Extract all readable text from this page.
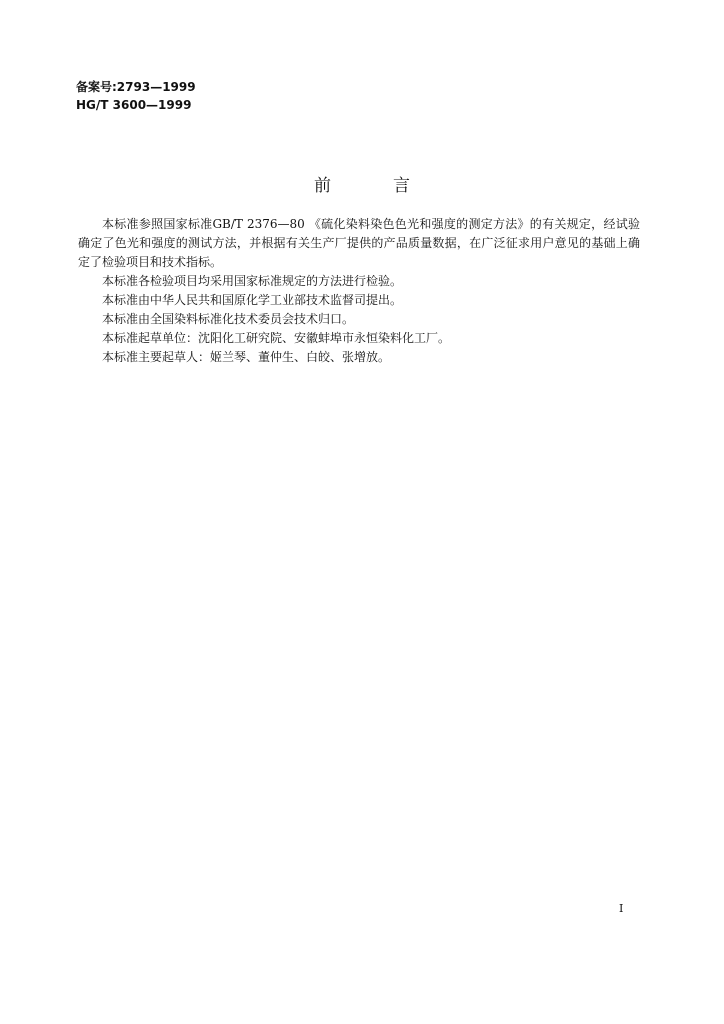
备案号:2793—1999
HG/T 3600—1999
前	言

本标准参照国家标准GB/T 2376—80 《硫化染料染色色光和强度的测定方法》的有关规定，经试验确定了色光和强度的测试方法，并根据有关生产厂提供的产品质量数据，在广泛征求用户意见的基础上确定了检验项目和技术指标。

本标准各检验项目均采用国家标准规定的方法进行检验。

本标准由中华人民共和国原化学工业部技术监督司提出。

本标准由全国染料标准化技术委员会技术归口。

本标准起草单位：沈阳化工研究院、安徽蚌埠市永恒染料化工厂。

本标准主要起草人：姬兰琴、董仲生、白皎、张增放。

I
